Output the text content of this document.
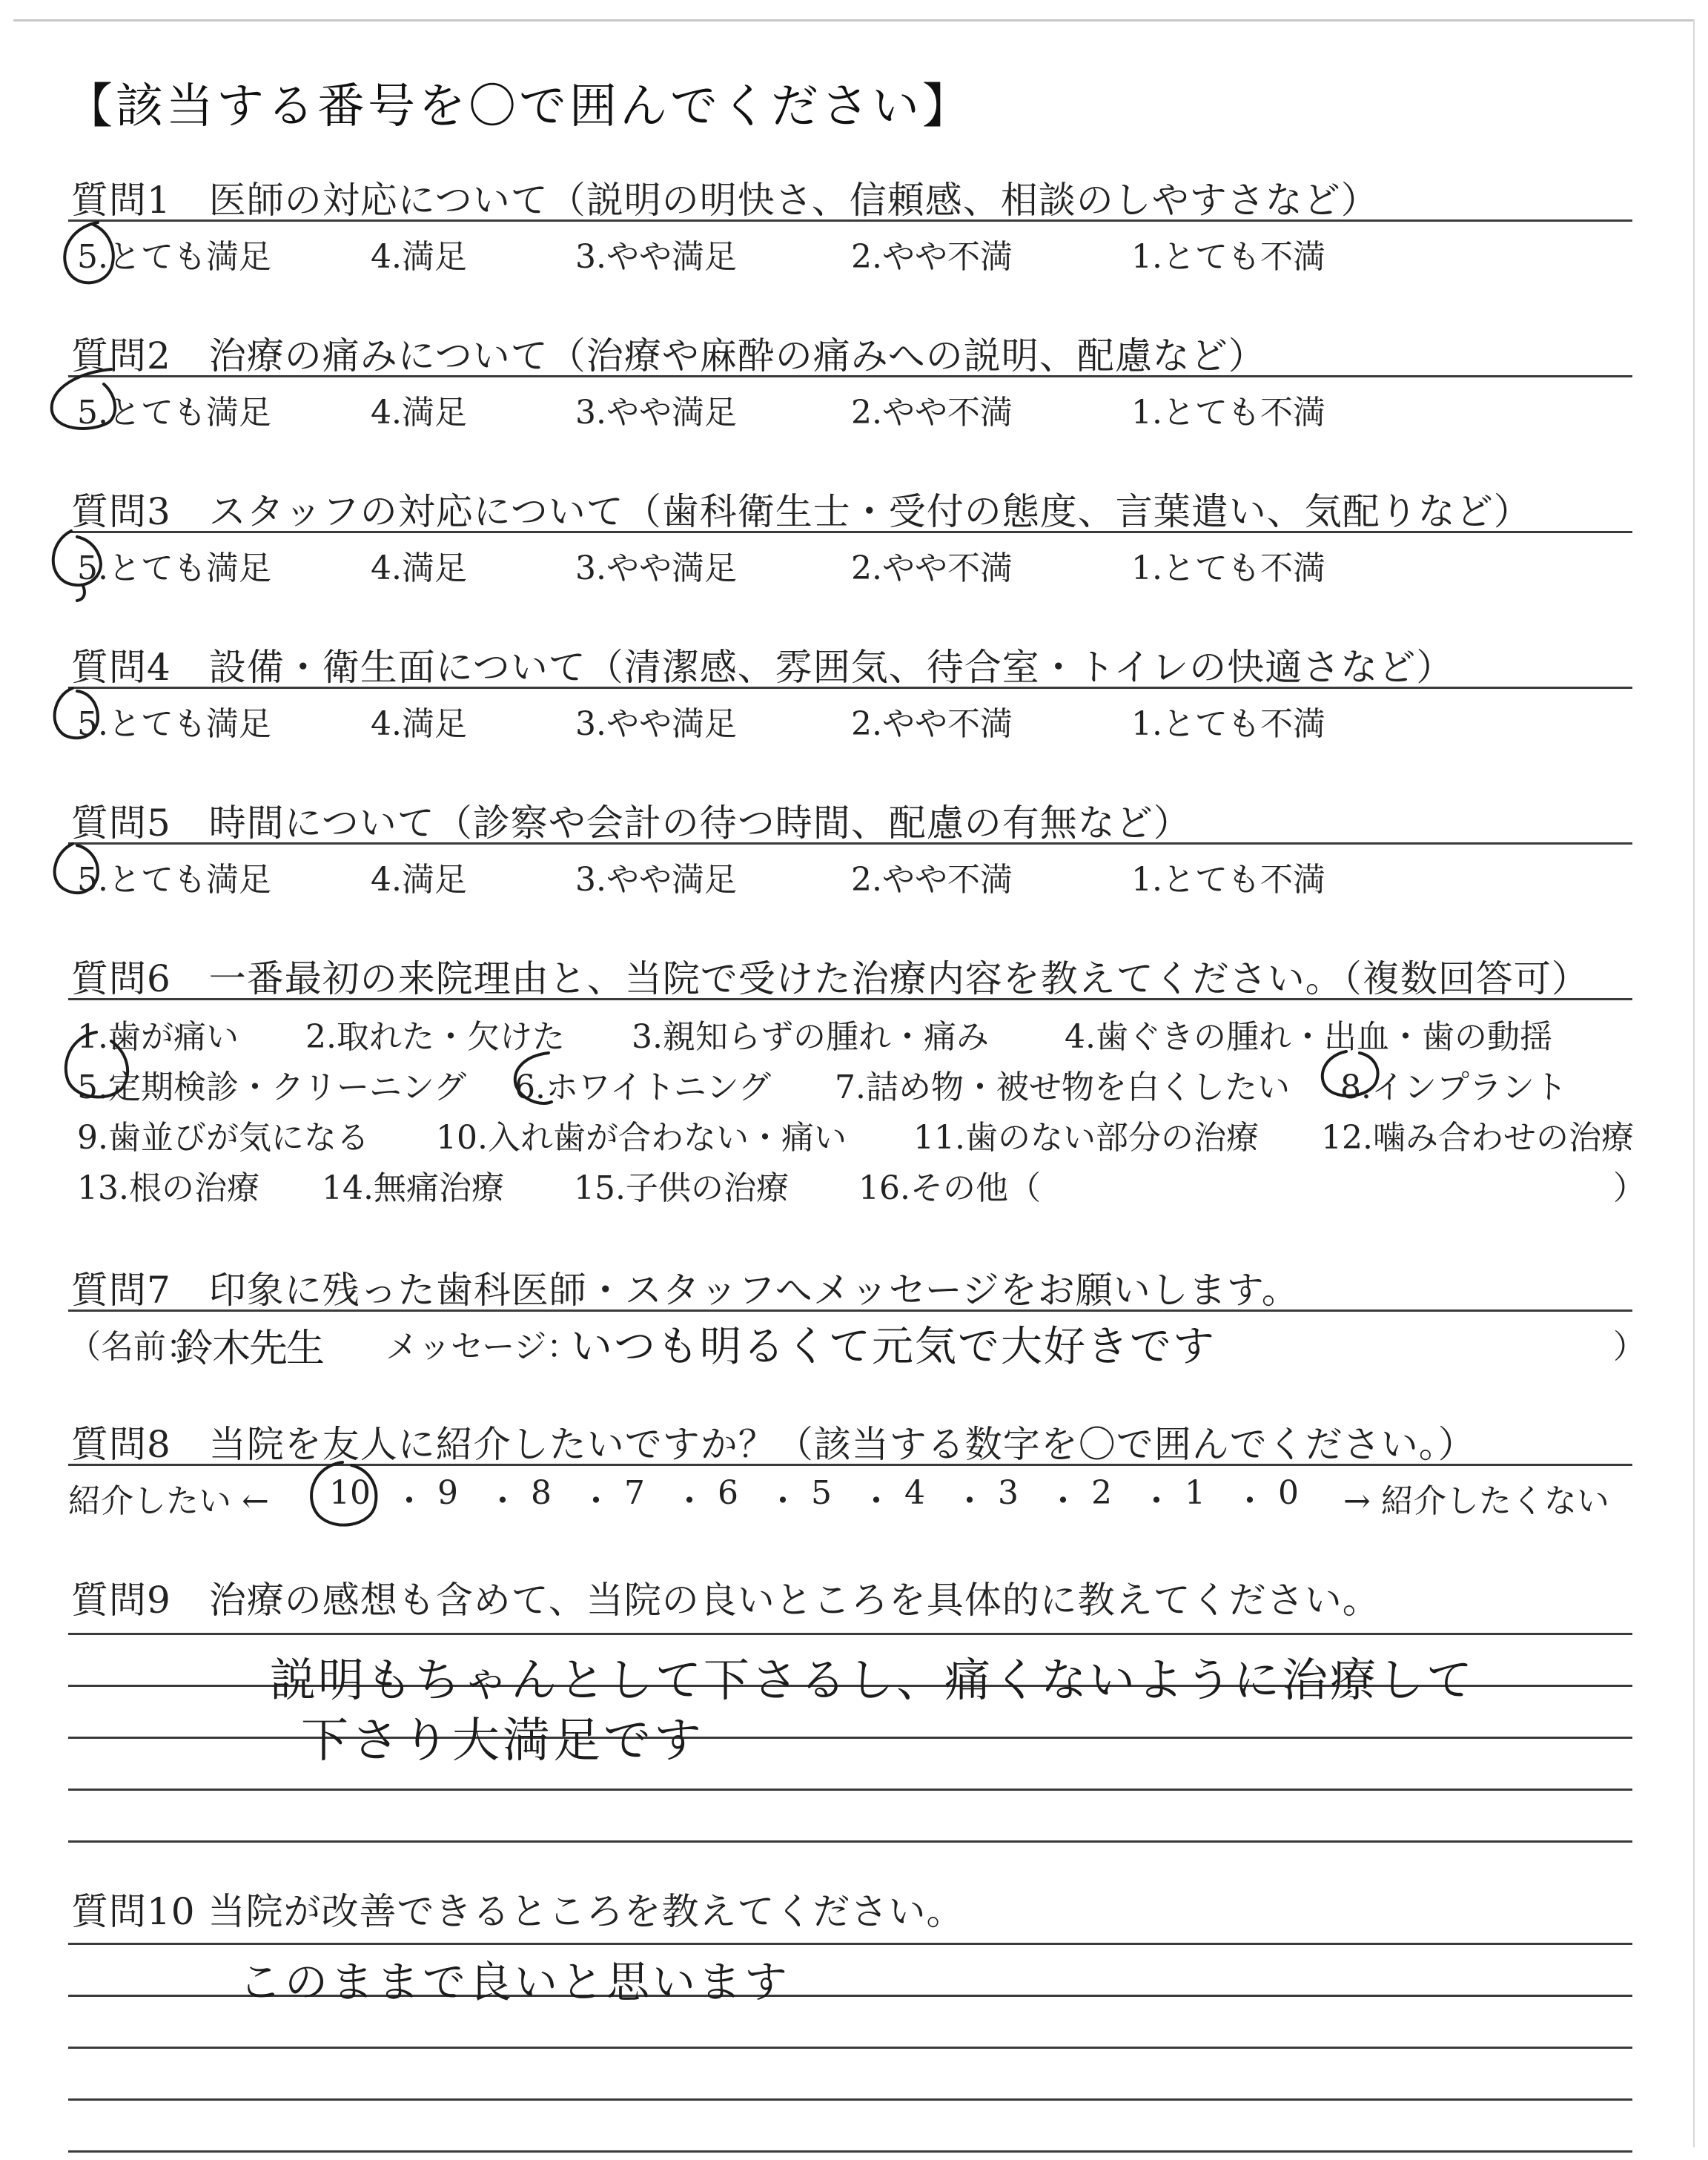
【該当する番号を〇で囲んでください】
質問1　医師の対応について（説明の明快さ、信頼感、相談のしやすさなど）
5.とても満足	4.満足	3.やや満足	2.やや不満	1.とても不満
質問2　治療の痛みについて（治療や麻酔の痛みへの説明、配慮など）
5.とても満足	4.満足	3.やや満足	2.やや不満	1.とても不満
質問3　スタッフの対応について（歯科衛生士・受付の態度、言葉遣い、気配りなど）
5.とても満足	4.満足	3.やや満足	2.やや不満	1.とても不満
質問4　設備・衛生面について（清潔感、雰囲気、待合室・トイレの快適さなど）
5.とても満足	4.満足	3.やや満足	2.やや不満	1.とても不満
質問5　時間について（診察や会計の待つ時間、配慮の有無など）
5.とても満足	4.満足	3.やや満足	2.やや不満	1.とても不満
質問6　一番最初の来院理由と、当院で受けた治療内容を教えてください。（複数回答可）
1.歯が痛い 2.取れた・欠けた 3.親知らずの腫れ・痛み 4.歯ぐきの腫れ・出血・歯の動揺
5.定期検診・クリーニング 6.ホワイトニング 7.詰め物・被せ物を白くしたい 8.インプラント
9.歯並びが気になる 10.入れ歯が合わない・痛い 11.歯のない部分の治療 12.噛み合わせの治療
13.根の治療 14.無痛治療 15.子供の治療 16.その他（	）
質問7　印象に残った歯科医師・スタッフへメッセージをお願いします。
（名前：
鈴木先生 メッセージ：
いつも明るくて元気で大好きです	）
質問8　当院を友人に紹介したいですか？（該当する数字を〇で囲んでください。）
紹介したい ← 10 ・ 9 ・ 8 ・ 7 ・ 6 ・ 5 ・ 4 ・ 3 ・ 2 ・ 1 ・ 0 → 紹介したくない
質問9　治療の感想も含めて、当院の良いところを具体的に教えてください。
説明もちゃんとして下さるし、痛くないように治療して
下さり大満足です
質問10 当院が改善できるところを教えてください。
このままで良いと思います
